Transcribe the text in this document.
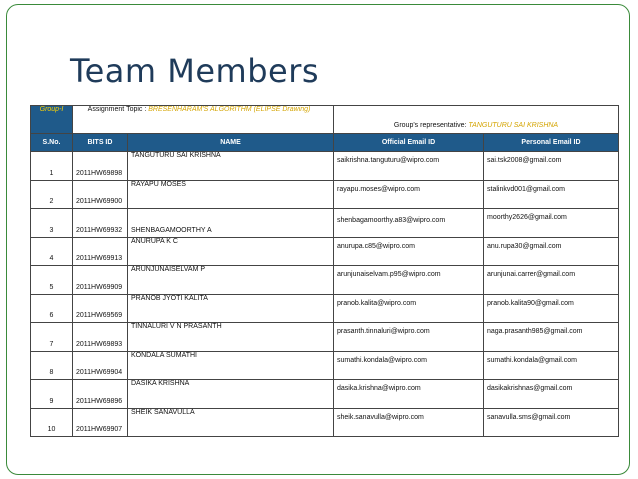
Team Members
Group-I	Assignment Topic : BRESENHARAM'S ALGORITHM (ELIPSE Drawing)		Group's representative: TANGUTURU SAI KRISHNA	
S.No.	BITS ID	NAME	Official Email ID	Personal Email ID
1	2011HW69898	TANGUTURU SAI KRISHNA	saikrishna.tanguturu@wipro.com	sai.tsk2008@gmail.com
2	2011HW69900	RAYAPU MOSES	rayapu.moses@wipro.com	stalinkvd001@gmail.com
3	2011HW69932	SHENBAGAMOORTHY A	shenbagamoorthy.a83@wipro.com	moorthy2626@gmail.com
4	2011HW69913	ANURUPA K C	anurupa.c85@wipro.com	anu.rupa30@gmail.com
5	2011HW69909	ARUNJUNAISELVAM P	arunjunaiselvam.p95@wipro.com	arunjunai.carrer@gmail.com
6	2011HW69569	PRANOB JYOTI KALITA	pranob.kalita@wipro.com	pranob.kalita90@gmail.com
7	2011HW69893	TINNALURI V N PRASANTH	prasanth.tinnaluri@wipro.com	naga.prasanth985@gmail.com
8	2011HW69904	KONDALA SUMATHI	sumathi.kondala@wipro.com	sumathi.kondala@gmail.com
9	2011HW69896	DASIKA KRISHNA	dasika.krishna@wipro.com	dasikakrishnas@gmail.com
10	2011HW69907	SHEIK SANAVULLA	sheik.sanavulla@wipro.com	sanavulla.sms@gmail.com
